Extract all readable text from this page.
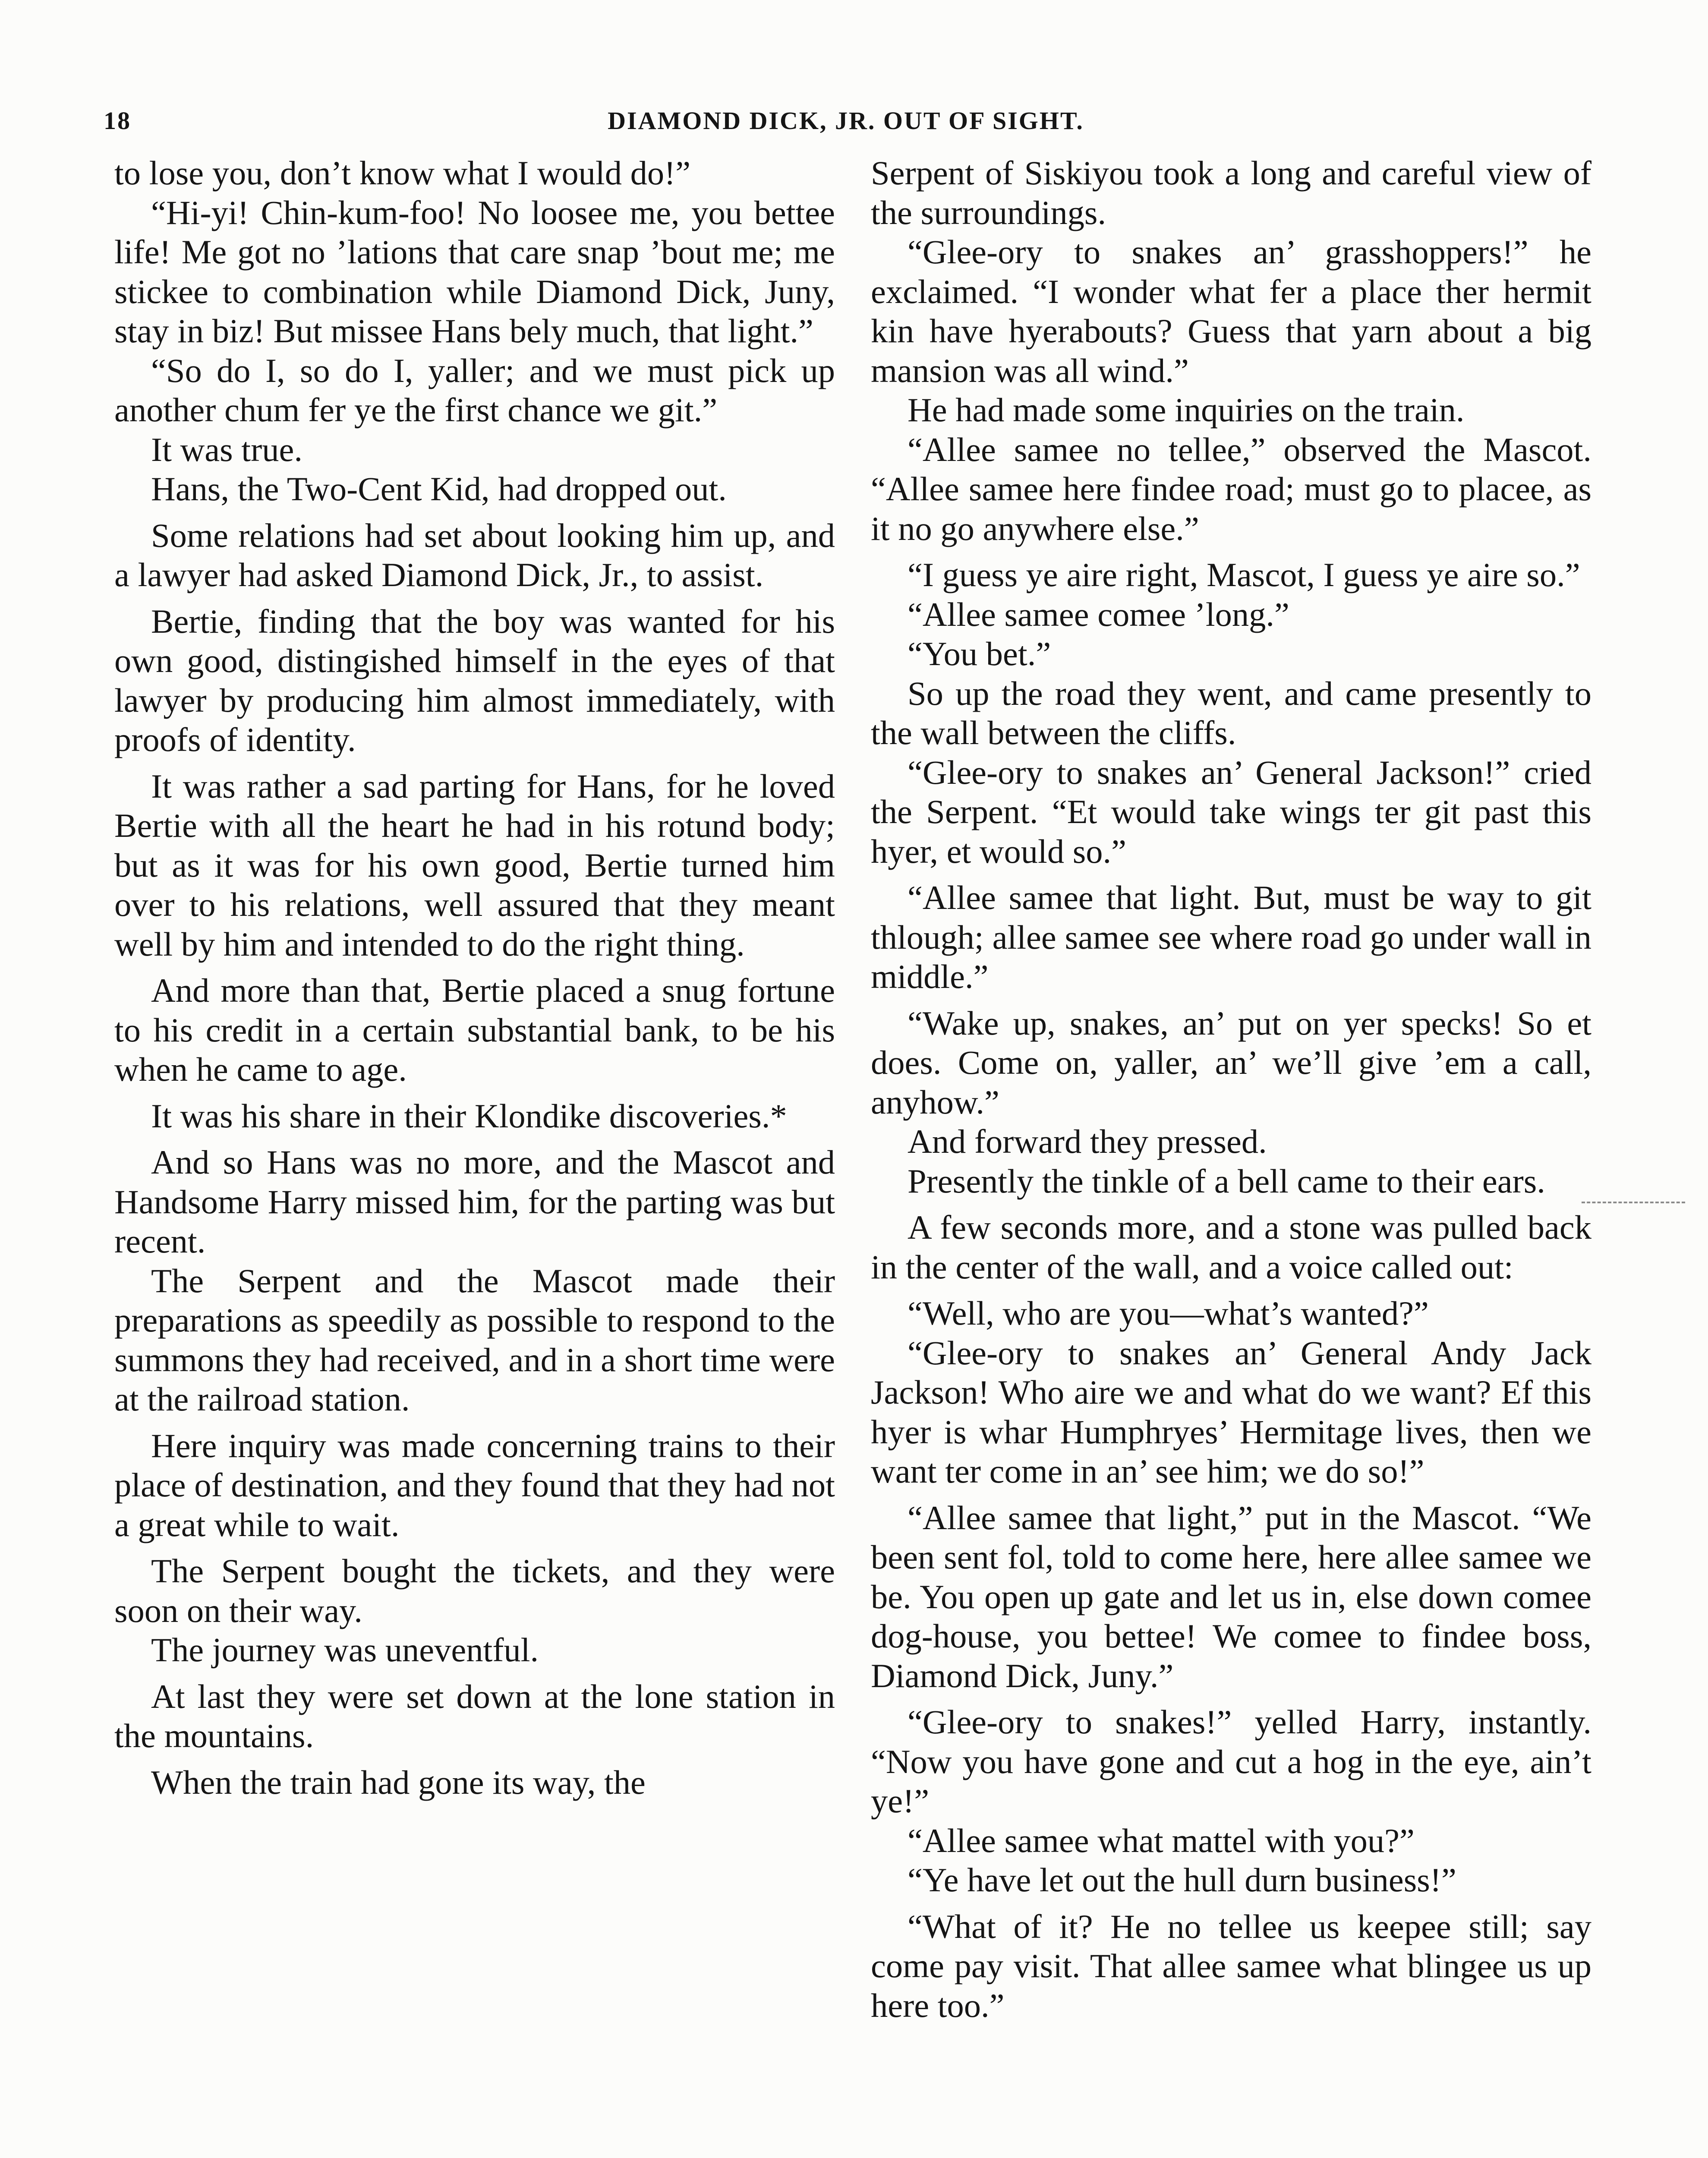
18	DIAMOND DICK, JR. OUT OF SIGHT.

to lose you, don’t know what I would do!”

“Hi-yi! Chin-kum-foo! No loosee me, you bettee life! Me got no ’lations that care snap ’bout me; me stickee to combination while Diamond Dick, Juny, stay in biz! But missee Hans bely much, that light.”

“So do I, so do I, yaller; and we must pick up another chum fer ye the first chance we git.”

It was true.

Hans, the Two-Cent Kid, had dropped out.

Some relations had set about looking him up, and a lawyer had asked Diamond Dick, Jr., to assist.

Bertie, finding that the boy was wanted for his own good, distingished himself in the eyes of that lawyer by producing him almost immediately, with proofs of identity.

It was rather a sad parting for Hans, for he loved Bertie with all the heart he had in his rotund body; but as it was for his own good, Bertie turned him over to his relations, well assured that they meant well by him and intended to do the right thing.

And more than that, Bertie placed a snug fortune to his credit in a certain substantial bank, to be his when he came to age.

It was his share in their Klondike discoveries.*

And so Hans was no more, and the Mascot and Handsome Harry missed him, for the parting was but recent.

The Serpent and the Mascot made their preparations as speedily as possible to respond to the summons they had received, and in a short time were at the railroad station.

Here inquiry was made concerning trains to their place of destination, and they found that they had not a great while to wait.

The Serpent bought the tickets, and they were soon on their way.

The journey was uneventful.

At last they were set down at the lone station in the mountains.

When the train had gone its way, the

Serpent of Siskiyou took a long and careful view of the surroundings.

“Glee-ory to snakes an’ grasshoppers!” he exclaimed. “I wonder what fer a place ther hermit kin have hyerabouts? Guess that yarn about a big mansion was all wind.”

He had made some inquiries on the train.

“Allee samee no tellee,” observed the Mascot. “Allee samee here findee road; must go to placee, as it no go anywhere else.”

“I guess ye aire right, Mascot, I guess ye aire so.”

“Allee samee comee ’long.”

“You bet.”

So up the road they went, and came presently to the wall between the cliffs.

“Glee-ory to snakes an’ General Jackson!” cried the Serpent. “Et would take wings ter git past this hyer, et would so.”

“Allee samee that light. But, must be way to git thlough; allee samee see where road go under wall in middle.”

“Wake up, snakes, an’ put on yer specks! So et does. Come on, yaller, an’ we’ll give ’em a call, anyhow.”

And forward they pressed.

Presently the tinkle of a bell came to their ears.

A few seconds more, and a stone was pulled back in the center of the wall, and a voice called out:

“Well, who are you—what’s wanted?”

“Glee-ory to snakes an’ General Andy Jack Jackson! Who aire we and what do we want? Ef this hyer is whar Humphryes’ Hermitage lives, then we want ter come in an’ see him; we do so!”

“Allee samee that light,” put in the Mascot. “We been sent fol, told to come here, here allee samee we be. You open up gate and let us in, else down comee dog-house, you bettee! We comee to findee boss, Diamond Dick, Juny.”

“Glee-ory to snakes!” yelled Harry, instantly. “Now you have gone and cut a hog in the eye, ain’t ye!”

“Allee samee what mattel with you?”

“Ye have let out the hull durn business!”

“What of it? He no tellee us keepee still; say come pay visit. That allee samee what blingee us up here too.”
